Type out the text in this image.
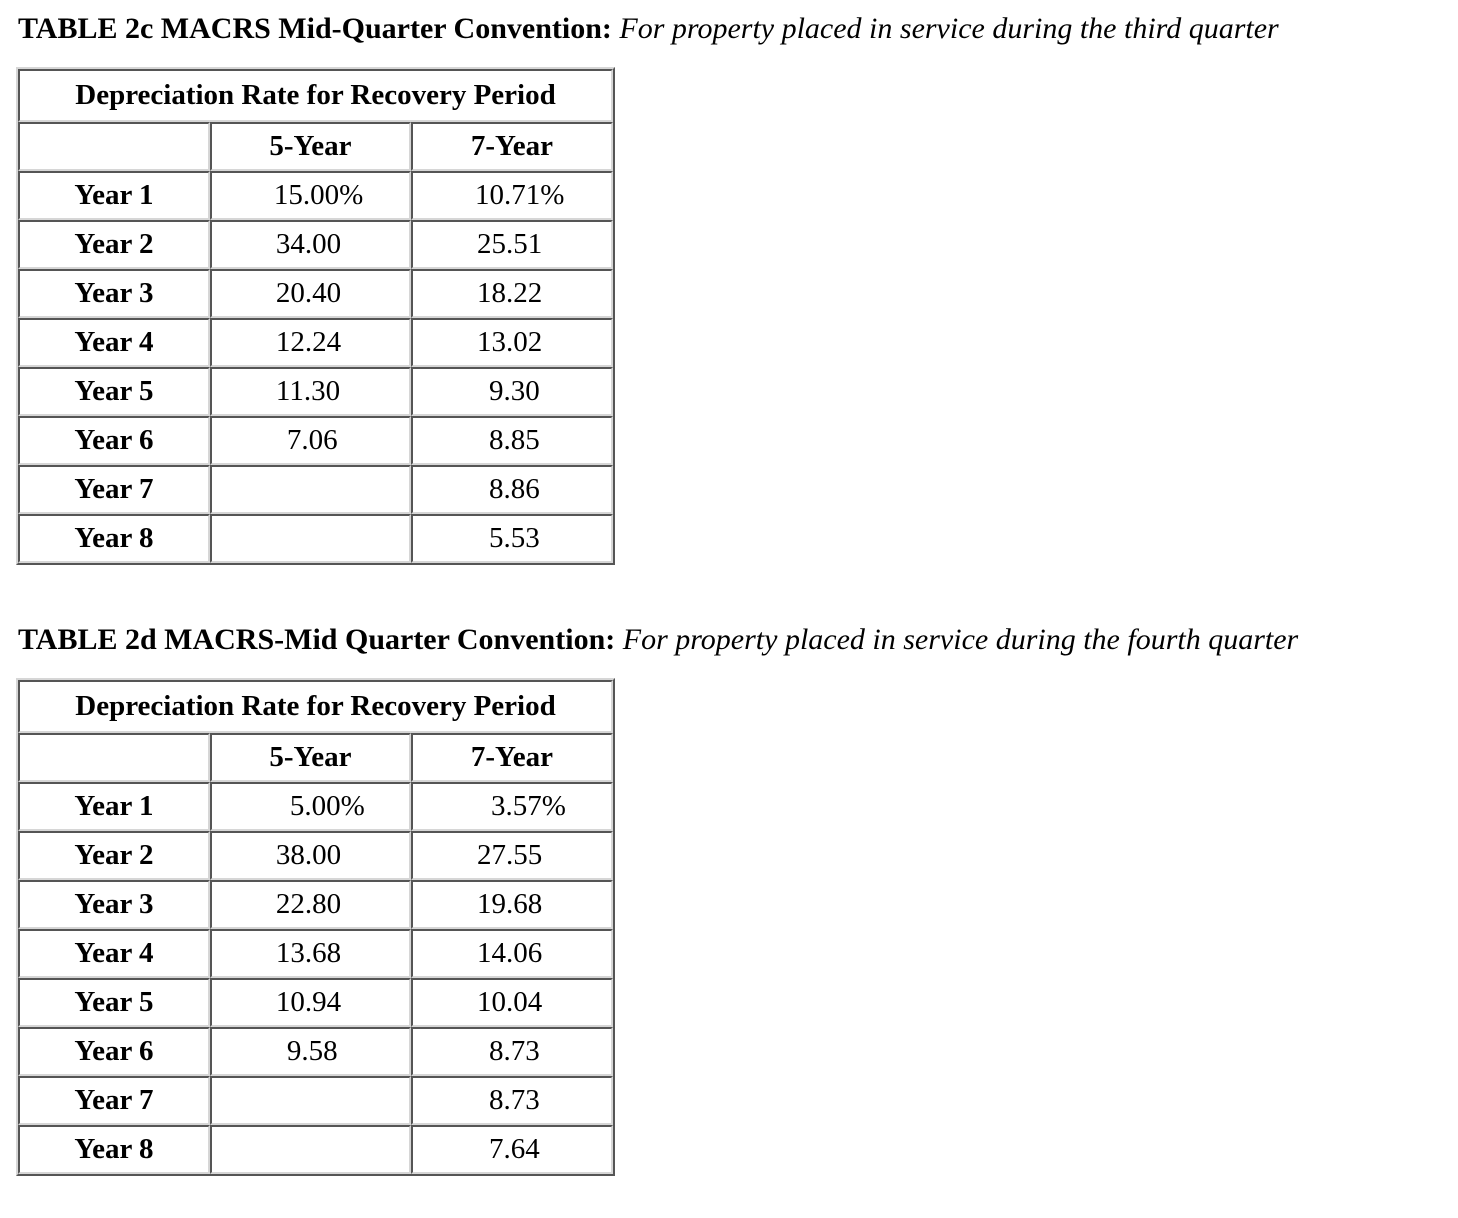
TABLE 2c MACRS Mid-Quarter Convention: For property placed in service during the third quarter

Depreciation Rate for Recovery Period		
	5-Year	7-Year
Year 1	15.00%	10.71%
Year 2	34.00	25.51
Year 3	20.40	18.22
Year 4	12.24	13.02
Year 5	11.30	9.30
Year 6	7.06	8.85
Year 7		8.86
Year 8		5.53

TABLE 2d MACRS-Mid Quarter Convention: For property placed in service during the fourth quarter

Depreciation Rate for Recovery Period		
	5-Year	7-Year
Year 1	5.00%	3.57%
Year 2	38.00	27.55
Year 3	22.80	19.68
Year 4	13.68	14.06
Year 5	10.94	10.04
Year 6	9.58	8.73
Year 7		8.73
Year 8		7.64
